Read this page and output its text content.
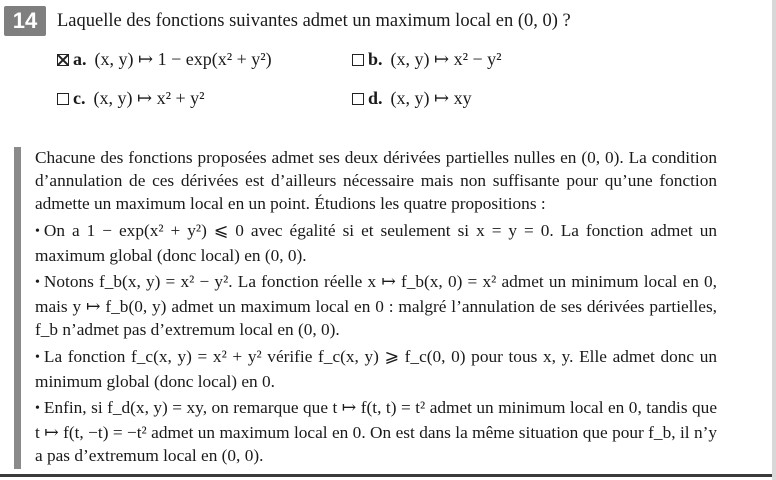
14	Laquelle des fonctions suivantes admet un maximum local en (0, 0) ?
a. (x, y) ↦ 1 − exp(x² + y²)	b. (x, y) ↦ x² − y²
c. (x, y) ↦ x² + y²	d. (x, y) ↦ xy

Chacune des fonctions proposées admet ses deux dérivées partielles nulles en (0, 0). La condition d’annulation de ces dérivées est d’ailleurs nécessaire mais non suffisante pour qu’une fonction admette un maximum local en un point. Étudions les quatre propositions :

• On a 1 − exp(x² + y²) ⩽ 0 avec égalité si et seulement si x = y = 0. La fonction admet un maximum global (donc local) en (0, 0).

• Notons f_b(x, y) = x² − y². La fonction réelle x ↦ f_b(x, 0) = x² admet un minimum local en 0, mais y ↦ f_b(0, y) admet un maximum local en 0 : malgré l’annulation de ses dérivées partielles, f_b n’admet pas d’extremum local en (0, 0).

• La fonction f_c(x, y) = x² + y² vérifie f_c(x, y) ⩾ f_c(0, 0) pour tous x, y. Elle admet donc un minimum global (donc local) en 0.

• Enfin, si f_d(x, y) = xy, on remarque que t ↦ f(t, t) = t² admet un minimum local en 0, tandis que t ↦ f(t, −t) = −t² admet un maximum local en 0. On est dans la même situation que pour f_b, il n’y a pas d’extremum local en (0, 0).
